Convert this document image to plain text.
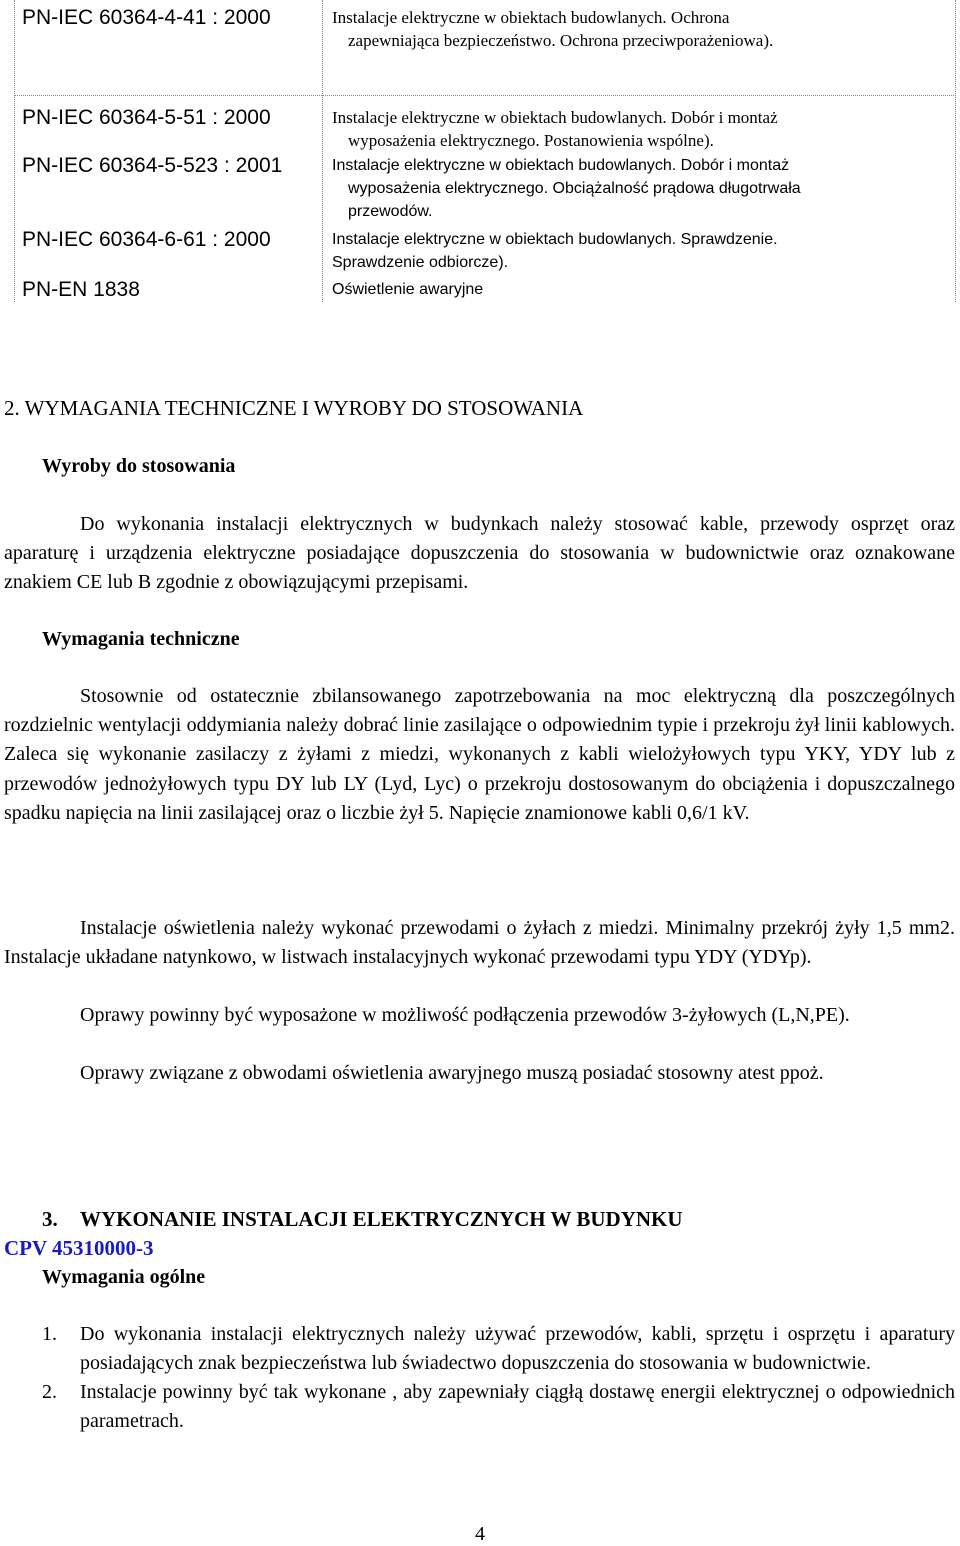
PN-IEC 60364-4-41 : 2000	Instalacje elektryczne w obiektach budowlanych. Ochrona
zapewniająca bezpieczeństwo. Ochrona przeciwporażeniowa).
PN-IEC 60364-5-51 : 2000	Instalacje elektryczne w obiektach budowlanych. Dobór i montaż
wyposażenia elektrycznego. Postanowienia wspólne).
PN-IEC 60364-5-523 : 2001	Instalacje elektryczne w obiektach budowlanych. Dobór i montaż
wyposażenia elektrycznego. Obciążalność prądowa długotrwała
przewodów.
PN-IEC 60364-6-61 : 2000	Instalacje elektryczne w obiektach budowlanych. Sprawdzenie.
Sprawdzenie odbiorcze).
PN-EN 1838	Oświetlenie awaryjne
2. WYMAGANIA TECHNICZNE I WYROBY DO STOSOWANIA
Wyroby do stosowania
Do wykonania instalacji elektrycznych w budynkach należy stosować kable, przewody osprzęt oraz aparaturę i urządzenia elektryczne posiadające dopuszczenia do stosowania w budownictwie oraz oznakowane znakiem CE lub B zgodnie z obowiązującymi przepisami.
Wymagania techniczne
Stosownie od ostatecznie zbilansowanego zapotrzebowania na moc elektryczną dla poszczególnych rozdzielnic wentylacji oddymiania należy dobrać linie zasilające o odpowiednim typie i przekroju żył linii kablowych. Zaleca się wykonanie zasilaczy z żyłami z miedzi, wykonanych z kabli wielożyłowych typu YKY, YDY lub z przewodów jednożyłowych typu DY lub LY (Lyd, Lyc) o przekroju dostosowanym do obciążenia i dopuszczalnego spadku napięcia na linii zasilającej oraz o liczbie żył 5. Napięcie znamionowe kabli 0,6/1 kV.
Instalacje oświetlenia należy wykonać przewodami o żyłach z miedzi. Minimalny przekrój żyły 1,5 mm2. Instalacje układane natynkowo, w listwach instalacyjnych wykonać przewodami typu YDY (YDYp).
Oprawy powinny być wyposażone w możliwość podłączenia przewodów 3-żyłowych (L,N,PE).
Oprawy związane z obwodami oświetlenia awaryjnego muszą posiadać stosowny atest ppoż.
3. WYKONANIE INSTALACJI ELEKTRYCZNYCH W BUDYNKU
CPV 45310000-3
Wymagania ogólne
1. Do wykonania instalacji elektrycznych należy używać przewodów, kabli, sprzętu i osprzętu i aparatury posiadających znak bezpieczeństwa lub świadectwo dopuszczenia do stosowania w budownictwie.
2. Instalacje powinny być tak wykonane , aby zapewniały ciągłą dostawę energii elektrycznej o odpowiednich parametrach.
4
